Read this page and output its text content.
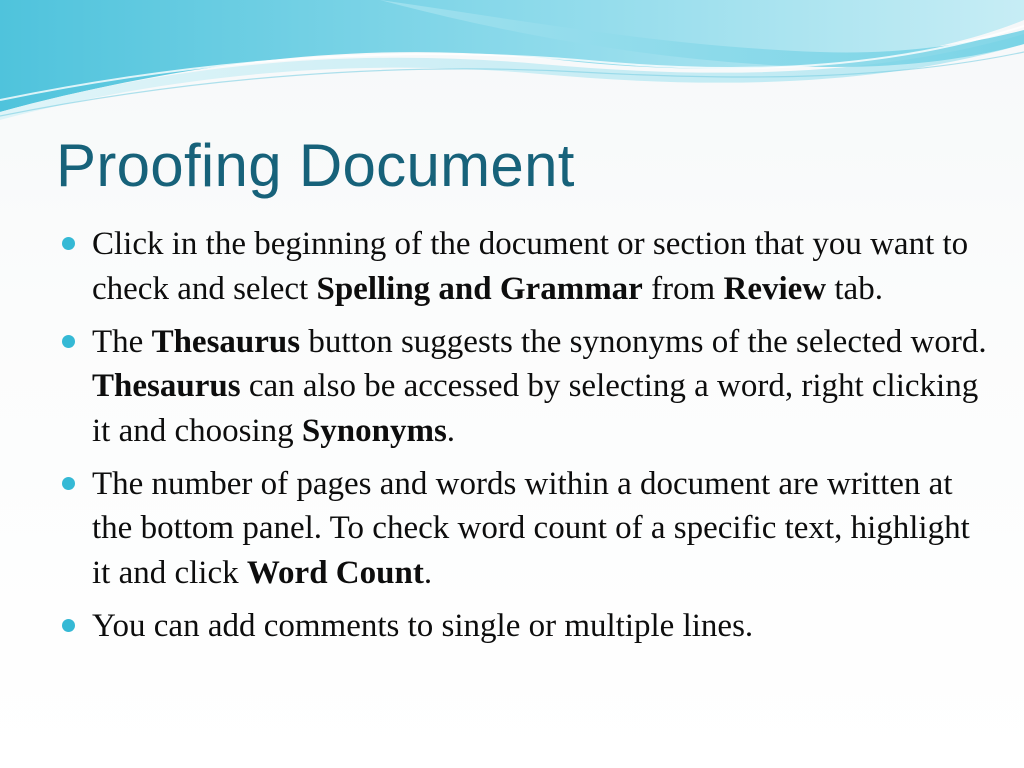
Proofing Document
Click in the beginning of the document or section that you want to check and select Spelling and Grammar from Review tab.
The Thesaurus button suggests the synonyms of the selected word. Thesaurus can also be accessed by selecting a word, right clicking it and choosing Synonyms.
The number of pages and words within a document are written at the bottom panel. To check word count of a specific text, highlight it and click Word Count.
You can add comments to single or multiple lines.
